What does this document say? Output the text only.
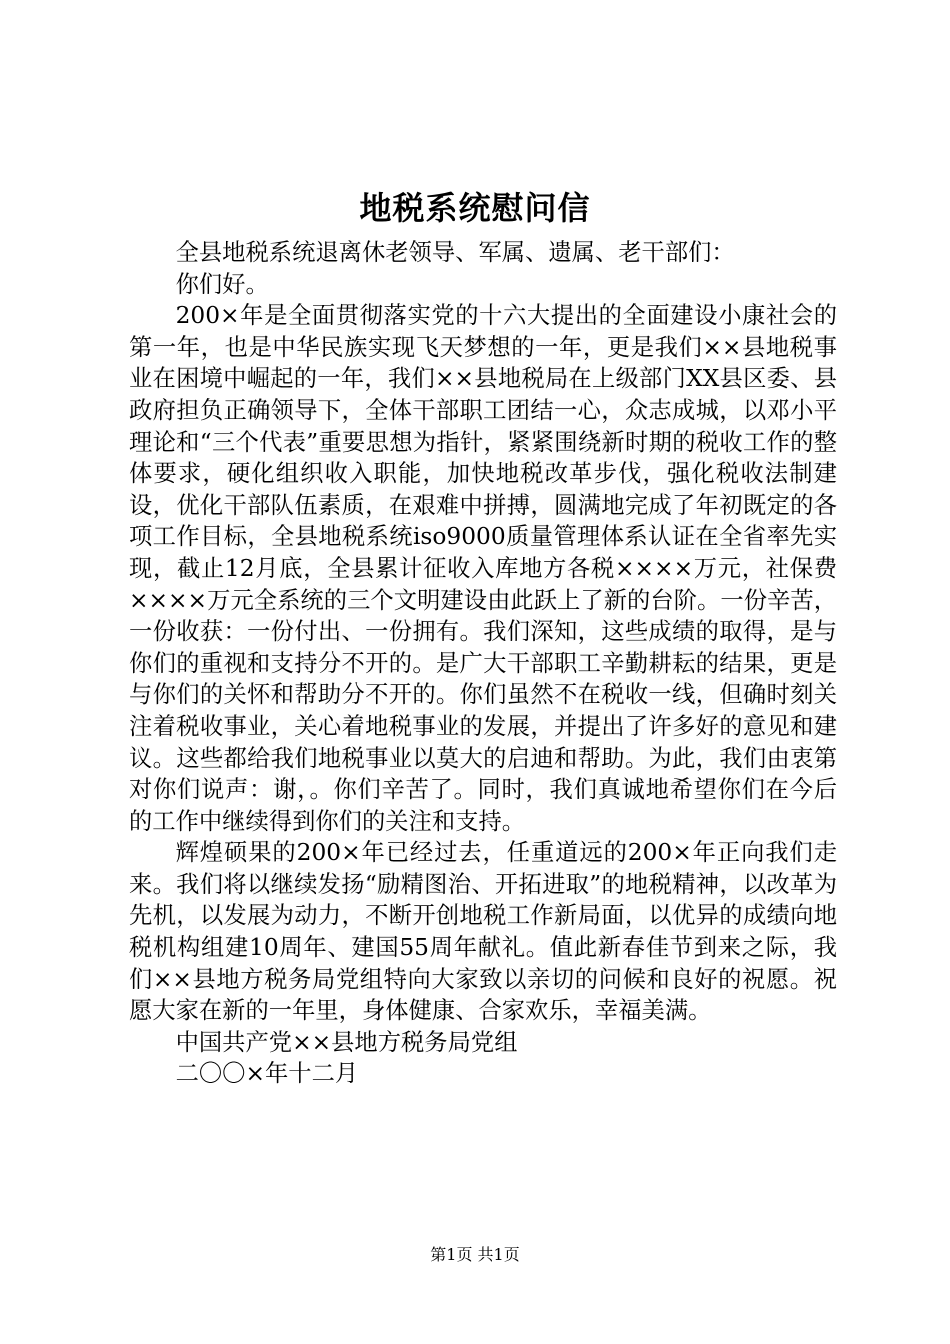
地税系统慰问信

全县地税系统退离休老领导、军属、遗属、老干部们：

你们好。

200×年是全面贯彻落实党的十六大提出的全面建设小康社会的第一年，也是中华民族实现飞天梦想的一年，更是我们××县地税事业在困境中崛起的一年，我们××县地税局在上级部门XX县区委、县政府担负正确领导下，全体干部职工团结一心，众志成城，以邓小平理论和“三个代表”重要思想为指针，紧紧围绕新时期的税收工作的整体要求，硬化组织收入职能，加快地税改革步伐，强化税收法制建设，优化干部队伍素质，在艰难中拼搏，圆满地完成了年初既定的各项工作目标，全县地税系统iso9000质量管理体系认证在全省率先实现，截止12月底，全县累计征收入库地方各税××××万元，社保费××××万元全系统的三个文明建设由此跃上了新的台阶。一份辛苦，一份收获：一份付出、一份拥有。我们深知，这些成绩的取得，是与你们的重视和支持分不开的。是广大干部职工辛勤耕耘的结果，更是与你们的关怀和帮助分不开的。你们虽然不在税收一线，但确时刻关注着税收事业，关心着地税事业的发展，并提出了许多好的意见和建议。这些都给我们地税事业以莫大的启迪和帮助。为此，我们由衷第对你们说声：谢，。你们辛苦了。同时，我们真诚地希望你们在今后的工作中继续得到你们的关注和支持。

辉煌硕果的200×年已经过去，任重道远的200×年正向我们走来。我们将以继续发扬“励精图治、开拓进取”的地税精神，以改革为先机，以发展为动力，不断开创地税工作新局面，以优异的成绩向地税机构组建10周年、建国55周年献礼。值此新春佳节到来之际，我们××县地方税务局党组特向大家致以亲切的问候和良好的祝愿。祝愿大家在新的一年里，身体健康、合家欢乐，幸福美满。

中国共产党××县地方税务局党组

二〇〇×年十二月

第1页 共1页
